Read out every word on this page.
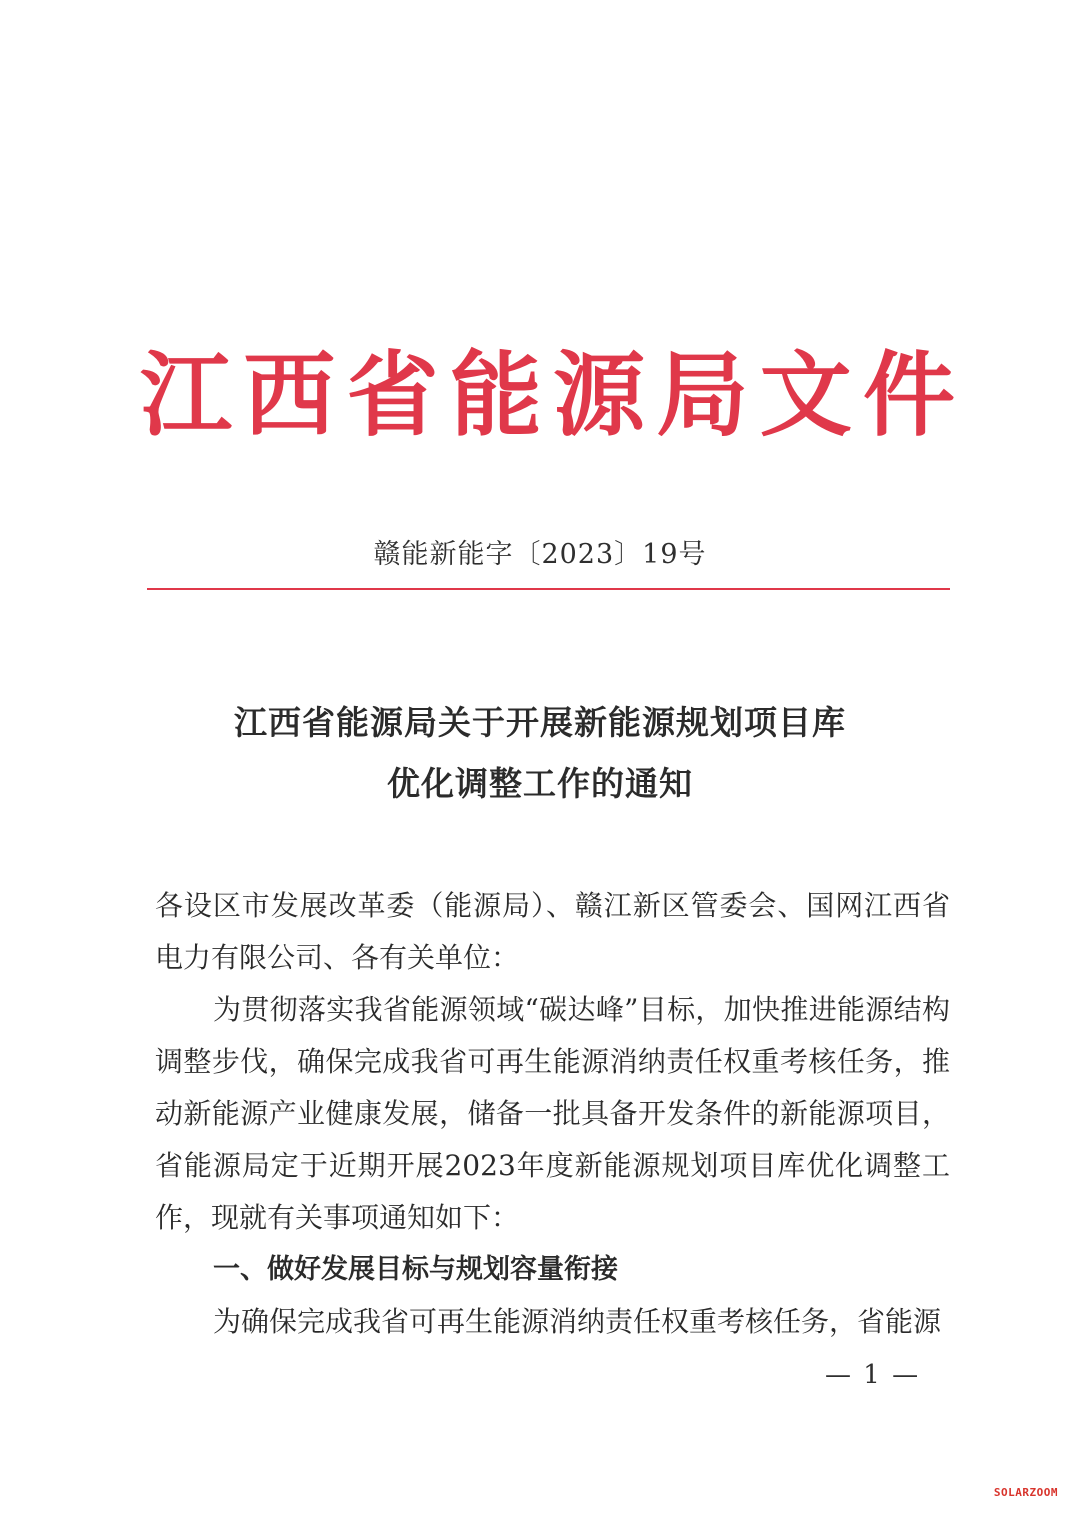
江 西 省 能 源 局 文 件
赣能新能字〔2023〕19号
江西省能源局关于开展新能源规划项目库
优化调整工作的通知

各设区市发展改革委（能源局）、赣江新区管委会、国网江西省电力有限公司、各有关单位：

为贯彻落实我省能源领域“碳达峰”目标，加快推进能源结构调整步伐，确保完成我省可再生能源消纳责任权重考核任务，推动新能源产业健康发展，储备一批具备开发条件的新能源项目，省能源局定于近期开展2023年度新能源规划项目库优化调整工作，现就有关事项通知如下：

一、做好发展目标与规划容量衔接

为确保完成我省可再生能源消纳责任权重考核任务，省能源

— 1 —
SOLARZOOM
